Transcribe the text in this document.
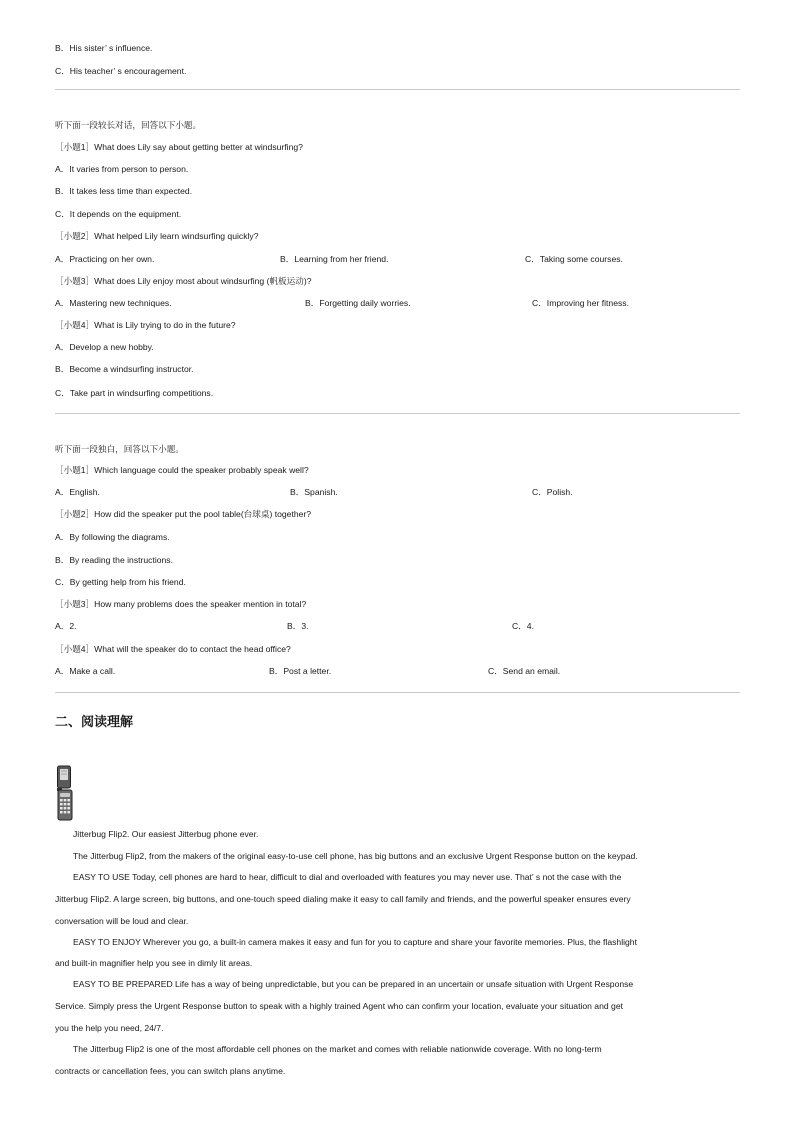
B．His sister’ s influence.
C．His teacher’ s encouragement.
听下面一段较长对话，回答以下小题。
［小题1］What does Lily say about getting better at windsurfing?
A．It varies from person to person.
B．It takes less time than expected.
C．It depends on the equipment.
［小题2］What helped Lily learn windsurfing quickly?
A．Practicing on her own.	B．Learning from her friend.	C．Taking some courses.
［小题3］What does Lily enjoy most about windsurfing (帆板运动)?
A．Mastering new techniques.	B．Forgetting daily worries.	C．Improving her fitness.
［小题4］What is Lily trying to do in the future?
A．Develop a new hobby.
B．Become a windsurfing instructor.
C．Take part in windsurfing competitions.
听下面一段独白，回答以下小题。
［小题1］Which language could the speaker probably speak well?
A．English.	B．Spanish.	C．Polish.
［小题2］How did the speaker put the pool table(台球桌) together?
A．By following the diagrams.
B．By reading the instructions.
C．By getting help from his friend.
［小题3］How many problems does the speaker mention in total?
A．2.	B．3.	C．4.
［小题4］What will the speaker do to contact the head office?
A．Make a call.	B．Post a letter.	C．Send an email.
二、阅读理解
Jitterbug Flip2. Our easiest Jitterbug phone ever.
The Jitterbug Flip2, from the makers of the original easy-to-use cell phone, has big buttons and an exclusive Urgent Response button on the keypad.
EASY TO USE Today, cell phones are hard to hear, difficult to dial and overloaded with features you may never use. That’ s not the case with the
Jitterbug Flip2. A large screen, big buttons, and one-touch speed dialing make it easy to call family and friends, and the powerful speaker ensures every
conversation will be loud and clear.
EASY TO ENJOY Wherever you go, a built-in camera makes it easy and fun for you to capture and share your favorite memories. Plus, the flashlight
and built-in magnifier help you see in dimly lit areas.
EASY TO BE PREPARED Life has a way of being unpredictable, but you can be prepared in an uncertain or unsafe situation with Urgent Response
Service. Simply press the Urgent Response button to speak with a highly trained Agent who can confirm your location, evaluate your situation and get
you the help you need, 24/7.
The Jitterbug Flip2 is one of the most affordable cell phones on the market and comes with reliable nationwide coverage. With no long-term
contracts or cancellation fees, you can switch plans anytime.
